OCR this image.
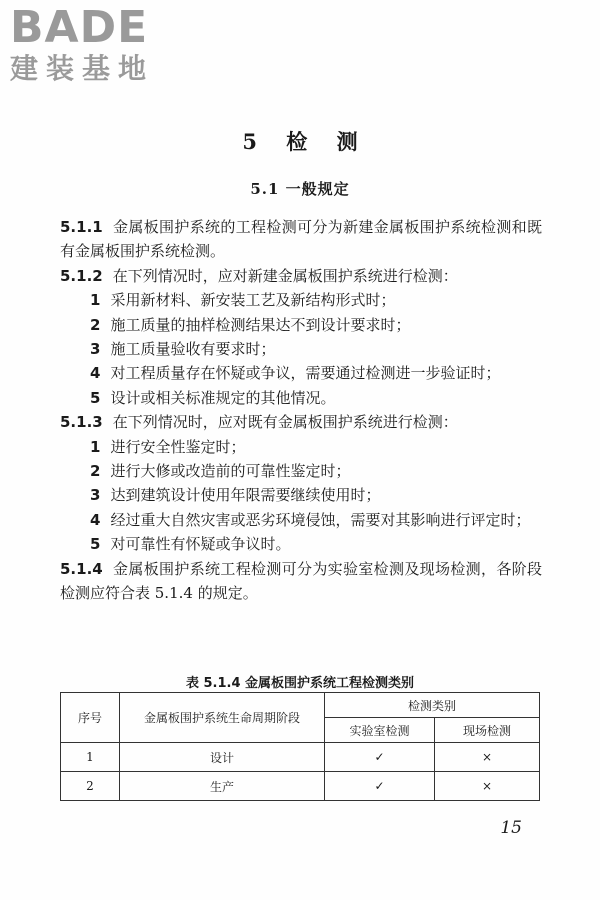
BADE
建装基地
5 检 测
5.1 一般规定

5.1.1 金属板围护系统的工程检测可分为新建金属板围护系统检测和既有金属板围护系统检测。

5.1.2 在下列情况时，应对新建金属板围护系统进行检测：

1 采用新材料、新安装工艺及新结构形式时；

2 施工质量的抽样检测结果达不到设计要求时；

3 施工质量验收有要求时；

4 对工程质量存在怀疑或争议，需要通过检测进一步验证时；

5 设计或相关标准规定的其他情况。

5.1.3 在下列情况时，应对既有金属板围护系统进行检测：

1 进行安全性鉴定时；

2 进行大修或改造前的可靠性鉴定时；

3 达到建筑设计使用年限需要继续使用时；

4 经过重大自然灾害或恶劣环境侵蚀，需要对其影响进行评定时；

5 对可靠性有怀疑或争议时。

5.1.4 金属板围护系统工程检测可分为实验室检测及现场检测，各阶段检测应符合表 5.1.4 的规定。

表 5.1.4 金属板围护系统工程检测类别
序号	金属板围护系统生命周期阶段	检测类别	
		实验室检测	现场检测
1	设计	✓	×
2	生产	✓	×
15
